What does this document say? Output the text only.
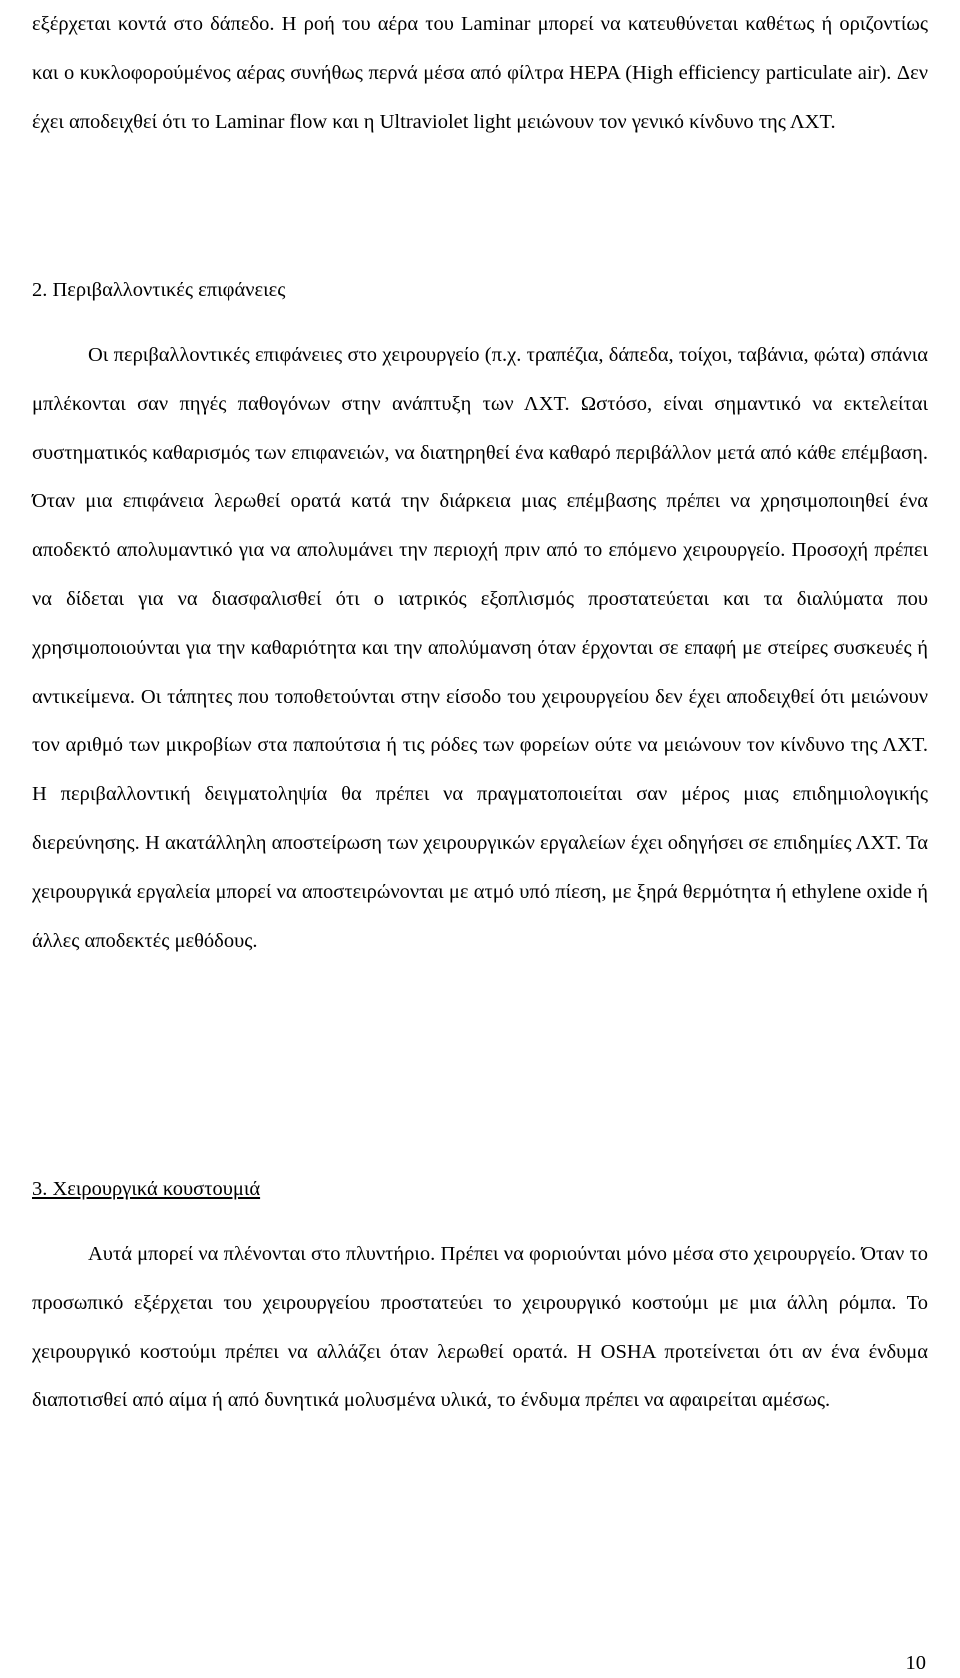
εξέρχεται κοντά στο δάπεδο. Η ροή του αέρα του Laminar μπορεί να κατευθύνεται καθέτως ή οριζοντίως και ο κυκλοφορούμένος αέρας συνήθως περνά μέσα από φίλτρα HEPA (High efficiency particulate air). Δεν έχει αποδειχθεί ότι το Laminar flow και η Ultraviolet light μειώνουν τον γενικό κίνδυνο της ΛΧΤ.

2. Περιβαλλοντικές επιφάνειες

Οι περιβαλλοντικές επιφάνειες στο χειρουργείο (π.χ. τραπέζια, δάπεδα, τοίχοι, ταβάνια, φώτα) σπάνια μπλέκονται σαν πηγές παθογόνων στην ανάπτυξη των ΛΧΤ. Ωστόσο, είναι σημαντικό να εκτελείται συστηματικός καθαρισμός των επιφανειών, να διατηρηθεί ένα καθαρό περιβάλλον μετά από κάθε επέμβαση. Όταν μια επιφάνεια λερωθεί ορατά κατά την διάρκεια μιας επέμβασης πρέπει να χρησιμοποιηθεί ένα αποδεκτό απολυμαντικό για να απολυμάνει την περιοχή πριν από το επόμενο χειρουργείο. Προσοχή πρέπει να δίδεται για να διασφαλισθεί ότι ο ιατρικός εξοπλισμός προστατεύεται και τα διαλύματα που χρησιμοποιούνται για την καθαριότητα και την απολύμανση όταν έρχονται σε επαφή με στείρες συσκευές ή αντικείμενα. Οι τάπητες που τοποθετούνται στην είσοδο του χειρουργείου δεν έχει αποδειχθεί ότι μειώνουν τον αριθμό των μικροβίων στα παπούτσια ή τις ρόδες των φορείων ούτε να μειώνουν τον κίνδυνο της ΛΧΤ. Η περιβαλλοντική δειγματοληψία θα πρέπει να πραγματοποιείται σαν μέρος μιας επιδημιολογικής διερεύνησης. Η ακατάλληλη αποστείρωση των χειρουργικών εργαλείων έχει οδηγήσει σε επιδημίες ΛΧΤ. Τα χειρουργικά εργαλεία μπορεί να αποστειρώνονται με ατμό υπό πίεση, με ξηρά θερμότητα ή ethylene oxide ή άλλες αποδεκτές μεθόδους.

3. Χειρουργικά κουστουμιά

Αυτά μπορεί να πλένονται στο πλυντήριο. Πρέπει να φοριούνται μόνο μέσα στο χειρουργείο. Όταν το προσωπικό εξέρχεται του χειρουργείου προστατεύει το χειρουργικό κοστούμι με μια άλλη ρόμπα. Το χειρουργικό κοστούμι πρέπει να αλλάζει όταν λερωθεί ορατά. Η OSHA προτείνεται ότι αν ένα ένδυμα διαποτισθεί από αίμα ή από δυνητικά μολυσμένα υλικά, το ένδυμα πρέπει να αφαιρείται αμέσως.

10
